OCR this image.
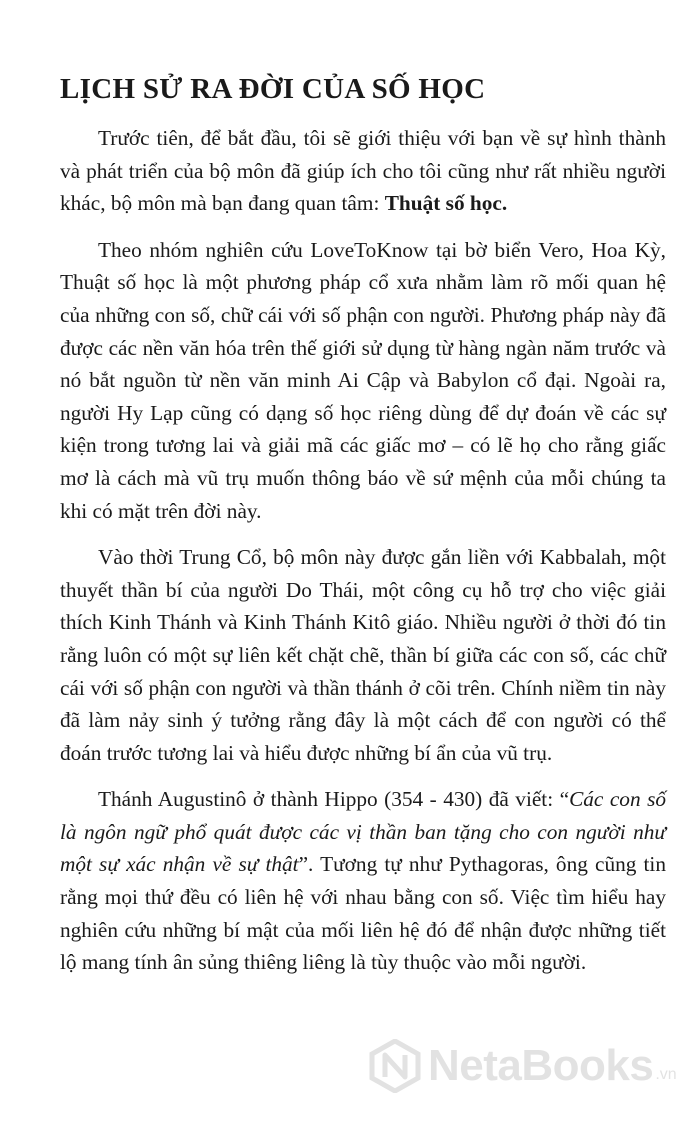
LỊCH SỬ RA ĐỜI CỦA SỐ HỌC

Trước tiên, để bắt đầu, tôi sẽ giới thiệu với bạn về sự hình thành và phát triển của bộ môn đã giúp ích cho tôi cũng như rất nhiều người khác, bộ môn mà bạn đang quan tâm: Thuật số học.

Theo nhóm nghiên cứu LoveToKnow tại bờ biển Vero, Hoa Kỳ, Thuật số học là một phương pháp cổ xưa nhằm làm rõ mối quan hệ của những con số, chữ cái với số phận con người. Phương pháp này đã được các nền văn hóa trên thế giới sử dụng từ hàng ngàn năm trước và nó bắt nguồn từ nền văn minh Ai Cập và Babylon cổ đại. Ngoài ra, người Hy Lạp cũng có dạng số học riêng dùng để dự đoán về các sự kiện trong tương lai và giải mã các giấc mơ – có lẽ họ cho rằng giấc mơ là cách mà vũ trụ muốn thông báo về sứ mệnh của mỗi chúng ta khi có mặt trên đời này.

Vào thời Trung Cổ, bộ môn này được gắn liền với Kabbalah, một thuyết thần bí của người Do Thái, một công cụ hỗ trợ cho việc giải thích Kinh Thánh và Kinh Thánh Kitô giáo. Nhiều người ở thời đó tin rằng luôn có một sự liên kết chặt chẽ, thần bí giữa các con số, các chữ cái với số phận con người và thần thánh ở cõi trên. Chính niềm tin này đã làm nảy sinh ý tưởng rằng đây là một cách để con người có thể đoán trước tương lai và hiểu được những bí ẩn của vũ trụ.

Thánh Augustinô ở thành Hippo (354 - 430) đã viết: “Các con số là ngôn ngữ phổ quát được các vị thần ban tặng cho con người như một sự xác nhận về sự thật”. Tương tự như Pythagoras, ông cũng tin rằng mọi thứ đều có liên hệ với nhau bằng con số. Việc tìm hiểu hay nghiên cứu những bí mật của mối liên hệ đó để nhận được những tiết lộ mang tính ân sủng thiêng liêng là tùy thuộc vào mỗi người.

NetaBooks .vn
